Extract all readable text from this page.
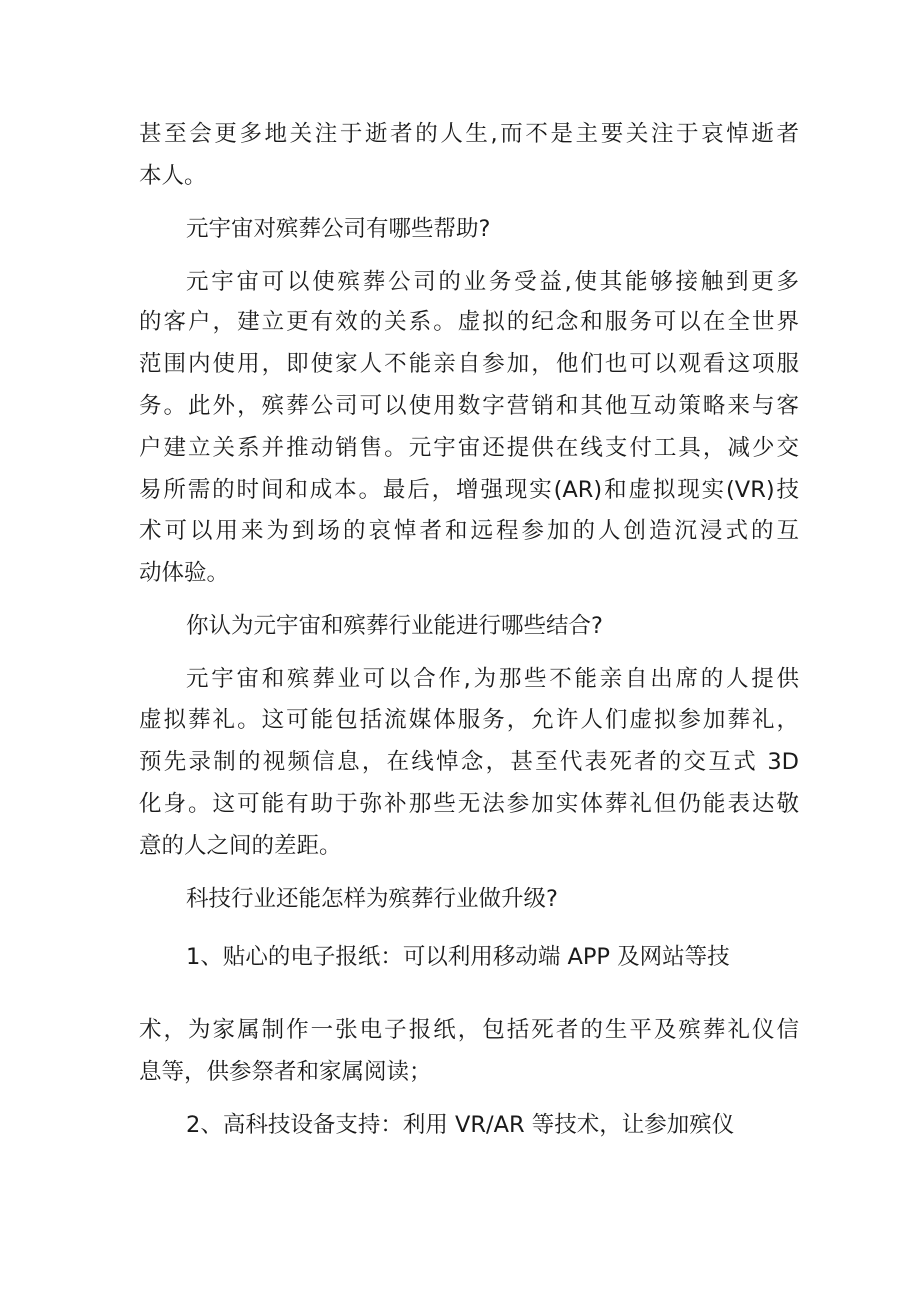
甚至会更多地关注于逝者的人生,而不是主要关注于哀悼逝者
本人。
元宇宙对殡葬公司有哪些帮助?
元宇宙可以使殡葬公司的业务受益,使其能够接触到更多
的客户，建立更有效的关系。虚拟的纪念和服务可以在全世界
范围内使用，即使家人不能亲自参加，他们也可以观看这项服
务。此外，殡葬公司可以使用数字营销和其他互动策略来与客
户建立关系并推动销售。元宇宙还提供在线支付工具，减少交
易所需的时间和成本。最后，增强现实(AR)和虚拟现实(VR)技
术可以用来为到场的哀悼者和远程参加的人创造沉浸式的互
动体验。
你认为元宇宙和殡葬行业能进行哪些结合?
元宇宙和殡葬业可以合作,为那些不能亲自出席的人提供
虚拟葬礼。这可能包括流媒体服务，允许人们虚拟参加葬礼，
预先录制的视频信息，在线悼念，甚至代表死者的交互式 3D
化身。这可能有助于弥补那些无法参加实体葬礼但仍能表达敬
意的人之间的差距。
科技行业还能怎样为殡葬行业做升级?
1、贴心的电子报纸：可以利用移动端 APP 及网站等技
术，为家属制作一张电子报纸，包括死者的生平及殡葬礼仪信
息等，供参祭者和家属阅读；
2、高科技设备支持：利用 VR/AR 等技术，让参加殡仪
